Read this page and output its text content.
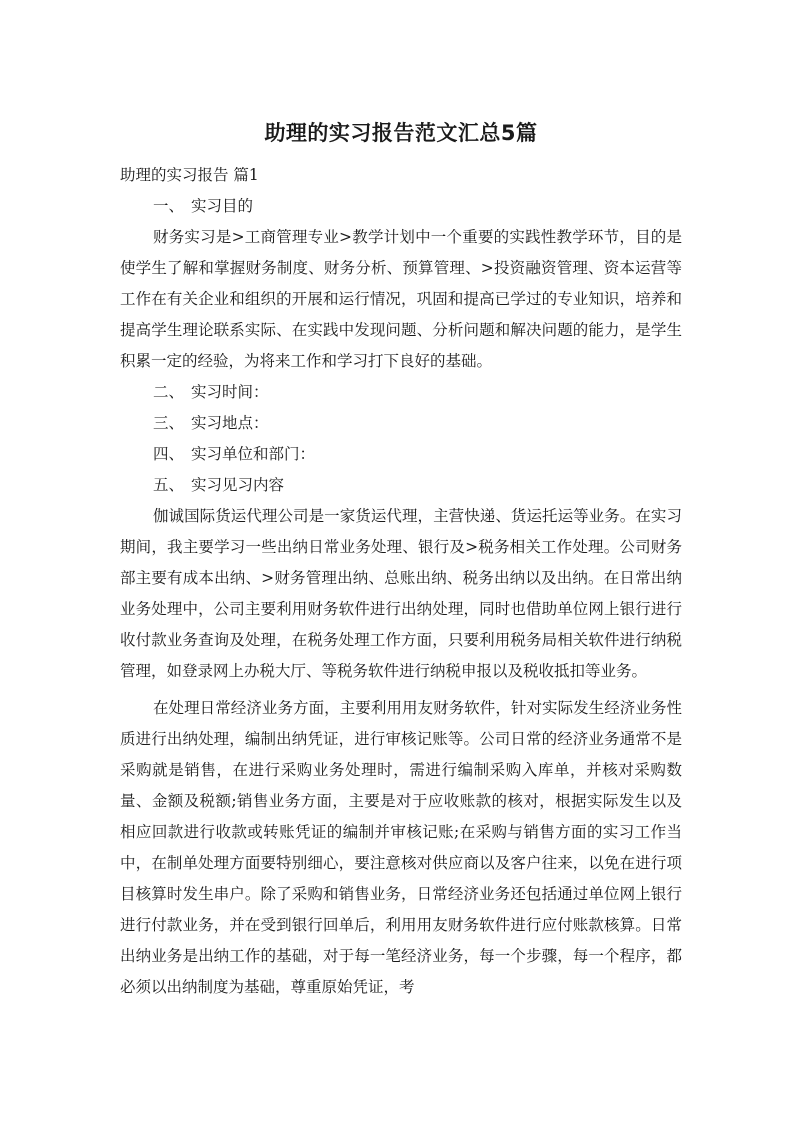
助理的实习报告范文汇总5篇

助理的实习报告 篇1

一、 实习目的

财务实习是>工商管理专业>教学计划中一个重要的实践性教学环节，目的是使学生了解和掌握财务制度、财务分析、预算管理、>投资融资管理、资本运营等工作在有关企业和组织的开展和运行情况，巩固和提高已学过的专业知识，培养和提高学生理论联系实际、在实践中发现问题、分析问题和解决问题的能力，是学生积累一定的经验，为将来工作和学习打下良好的基础。

二、 实习时间：

三、 实习地点：

四、 实习单位和部门：

五、 实习见习内容

伽诚国际货运代理公司是一家货运代理，主营快递、货运托运等业务。在实习期间，我主要学习一些出纳日常业务处理、银行及>税务相关工作处理。公司财务部主要有成本出纳、>财务管理出纳、总账出纳、税务出纳以及出纳。在日常出纳业务处理中，公司主要利用财务软件进行出纳处理，同时也借助单位网上银行进行收付款业务查询及处理，在税务处理工作方面，只要利用税务局相关软件进行纳税管理，如登录网上办税大厅、等税务软件进行纳税申报以及税收抵扣等业务。

在处理日常经济业务方面，主要利用用友财务软件，针对实际发生经济业务性质进行出纳处理，编制出纳凭证，进行审核记账等。公司日常的经济业务通常不是采购就是销售，在进行采购业务处理时，需进行编制采购入库单，并核对采购数量、金额及税额;销售业务方面，主要是对于应收账款的核对，根据实际发生以及相应回款进行收款或转账凭证的编制并审核记账;在采购与销售方面的实习工作当中，在制单处理方面要特别细心，要注意核对供应商以及客户往来，以免在进行项目核算时发生串户。除了采购和销售业务，日常经济业务还包括通过单位网上银行进行付款业务，并在受到银行回单后，利用用友财务软件进行应付账款核算。日常出纳业务是出纳工作的基础，对于每一笔经济业务，每一个步骤，每一个程序，都必须以出纳制度为基础，尊重原始凭证，考
